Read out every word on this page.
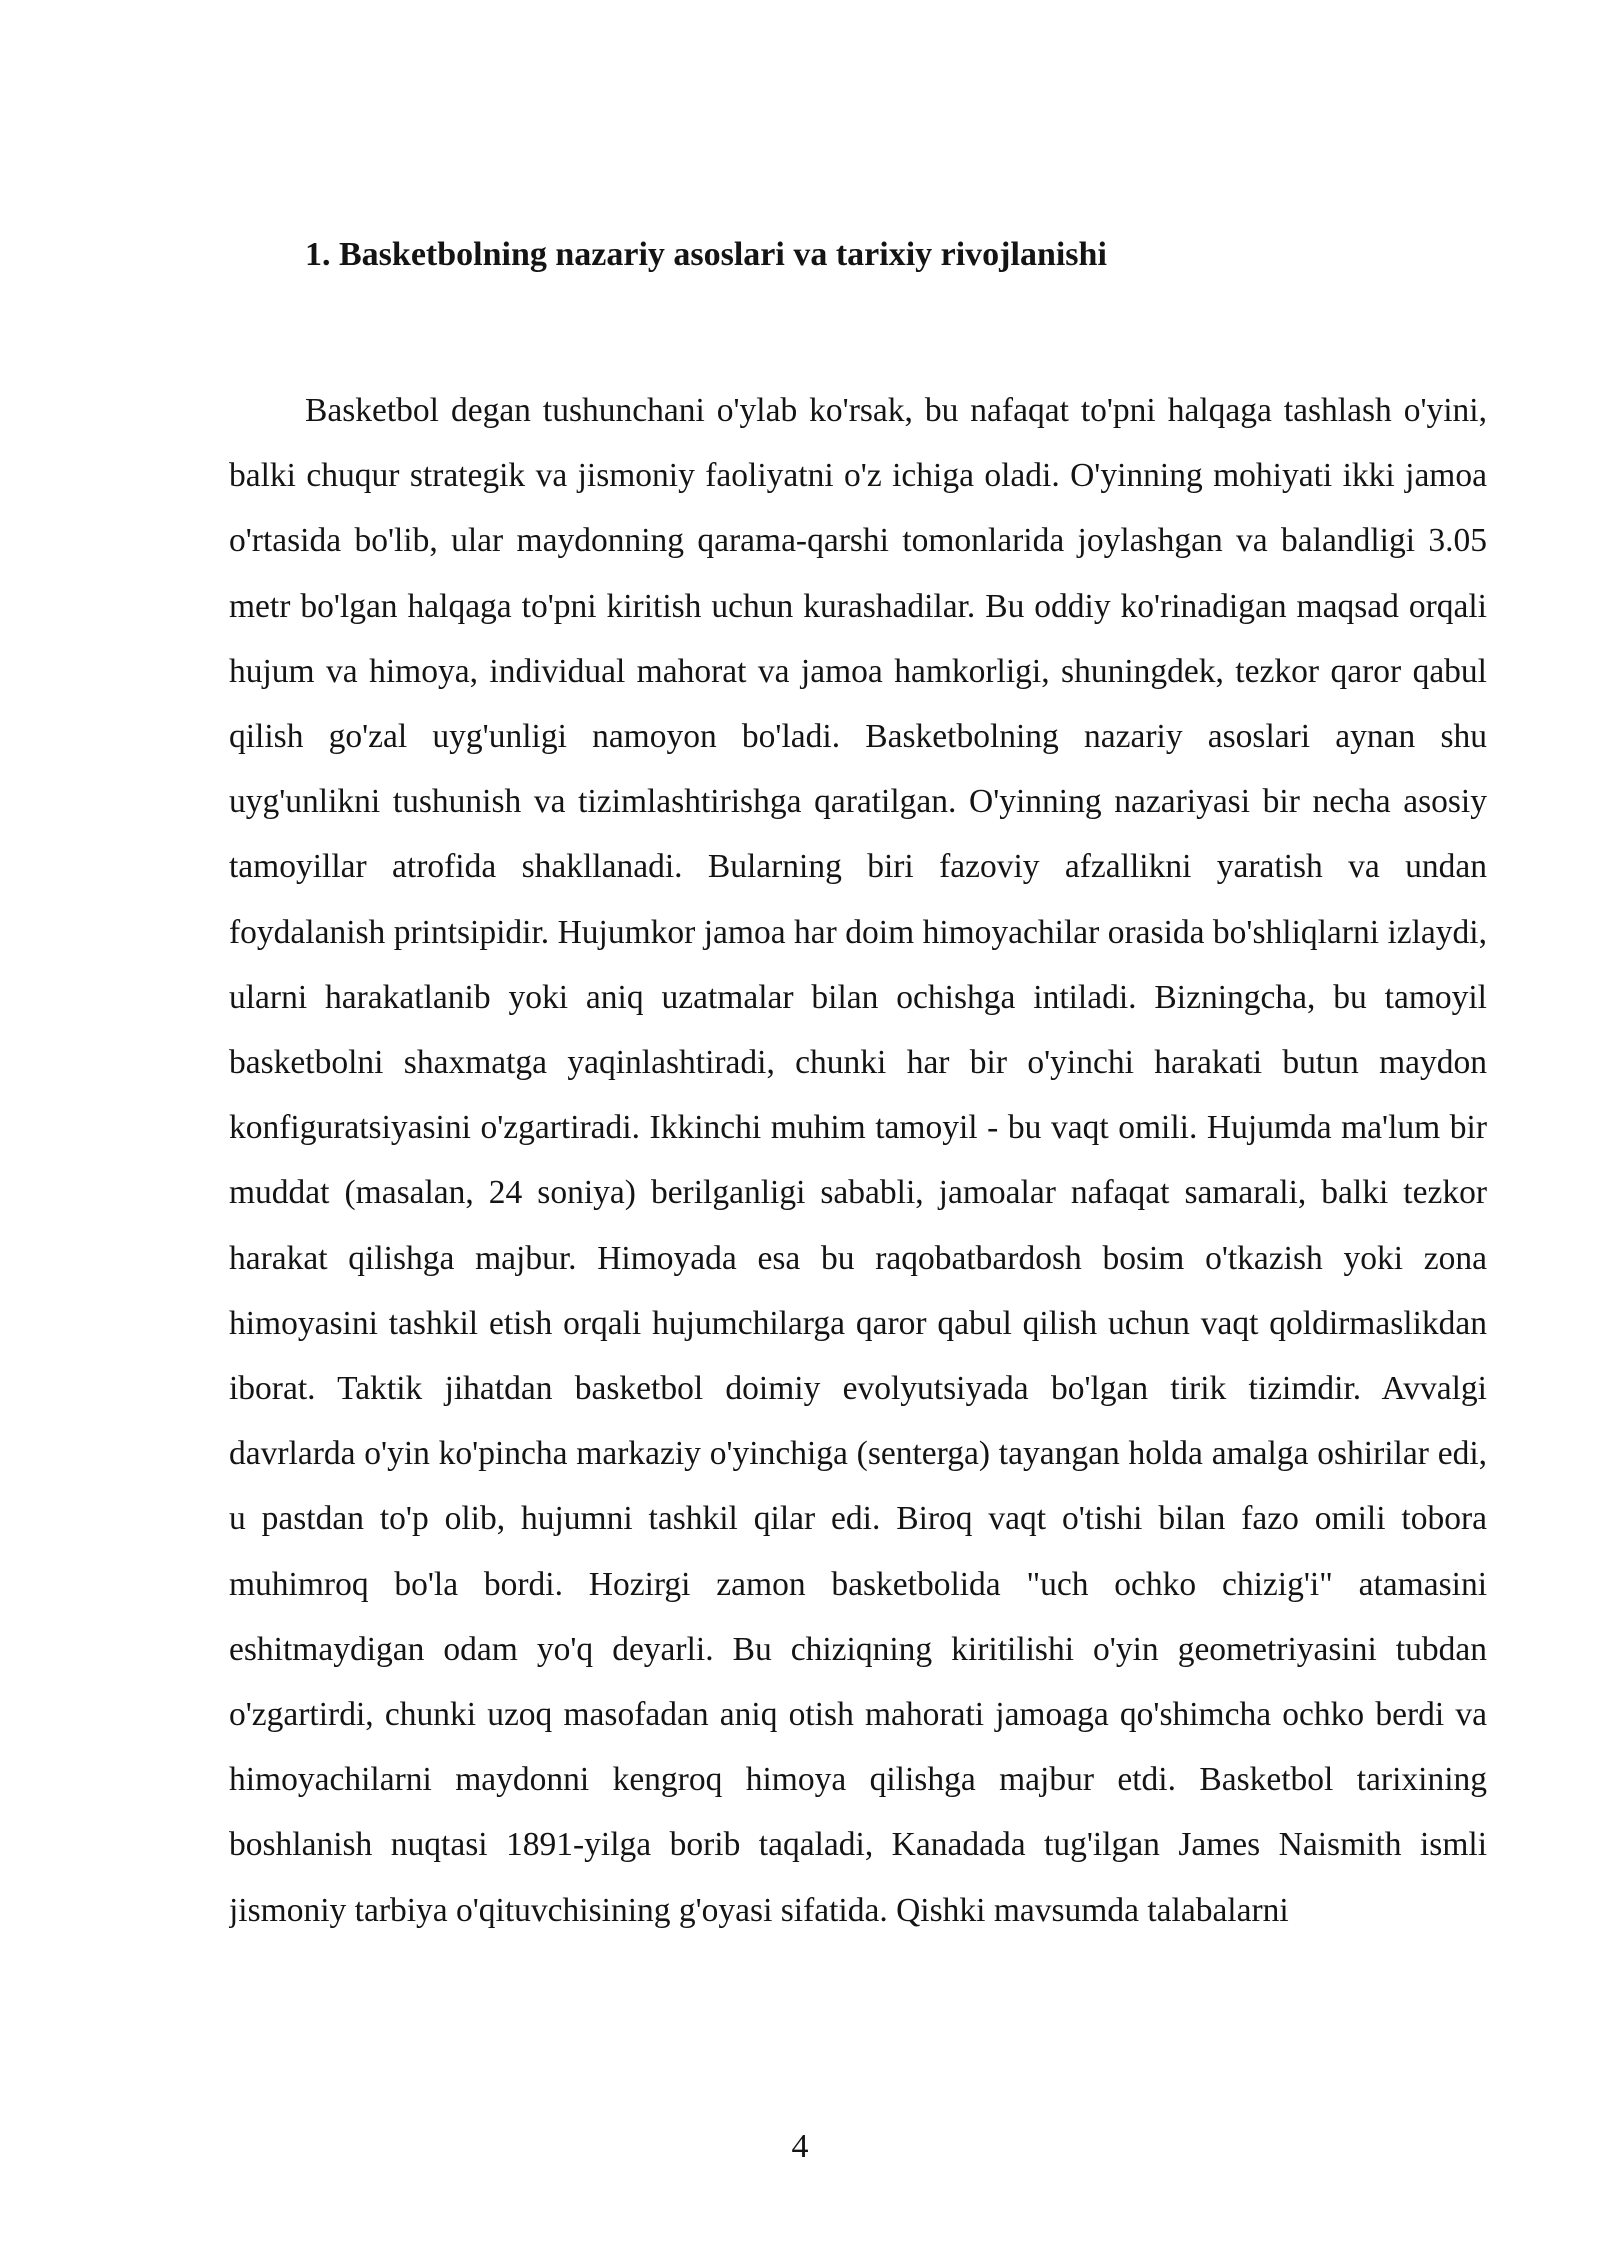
1. Basketbolning nazariy asoslari va tarixiy rivojlanishi

Basketbol degan tushunchani o'ylab ko'rsak, bu nafaqat to'pni halqaga tashlash o'yini, balki chuqur strategik va jismoniy faoliyatni o'z ichiga oladi. O'yinning mohiyati ikki jamoa o'rtasida bo'lib, ular maydonning qarama-qarshi tomonlarida joylashgan va balandligi 3.05 metr bo'lgan halqaga to'pni kiritish uchun kurashadilar. Bu oddiy ko'rinadigan maqsad orqali hujum va himoya, individual mahorat va jamoa hamkorligi, shuningdek, tezkor qaror qabul qilish go'zal uyg'unligi namoyon bo'ladi. Basketbolning nazariy asoslari aynan shu uyg'unlikni tushunish va tizimlashtirishga qaratilgan. O'yinning nazariyasi bir necha asosiy tamoyillar atrofida shakllanadi. Bularning biri fazoviy afzallikni yaratish va undan foydalanish printsipidir. Hujumkor jamoa har doim himoyachilar orasida bo'shliqlarni izlaydi, ularni harakatlanib yoki aniq uzatmalar bilan ochishga intiladi. Bizningcha, bu tamoyil basketbolni shaxmatga yaqinlashtiradi, chunki har bir o'yinchi harakati butun maydon konfiguratsiyasini o'zgartiradi. Ikkinchi muhim tamoyil - bu vaqt omili. Hujumda ma'lum bir muddat (masalan, 24 soniya) berilganligi sababli, jamoalar nafaqat samarali, balki tezkor harakat qilishga majbur. Himoyada esa bu raqobatbardosh bosim o'tkazish yoki zona himoyasini tashkil etish orqali hujumchilarga qaror qabul qilish uchun vaqt qoldirmaslikdan iborat. Taktik jihatdan basketbol doimiy evolyutsiyada bo'lgan tirik tizimdir. Avvalgi davrlarda o'yin ko'pincha markaziy o'yinchiga (senterga) tayangan holda amalga oshirilar edi, u pastdan to'p olib, hujumni tashkil qilar edi. Biroq vaqt o'tishi bilan fazo omili tobora muhimroq bo'la bordi. Hozirgi zamon basketbolida "uch ochko chizig'i" atamasini eshitmaydigan odam yo'q deyarli. Bu chiziqning kiritilishi o'yin geometriyasini tubdan o'zgartirdi, chunki uzoq masofadan aniq otish mahorati jamoaga qo'shimcha ochko berdi va himoyachilarni maydonni kengroq himoya qilishga majbur etdi. Basketbol tarixining boshlanish nuqtasi 1891-yilga borib taqaladi, Kanadada tug'ilgan James Naismith ismli jismoniy tarbiya o'qituvchisining g'oyasi sifatida. Qishki mavsumda talabalarni

4
